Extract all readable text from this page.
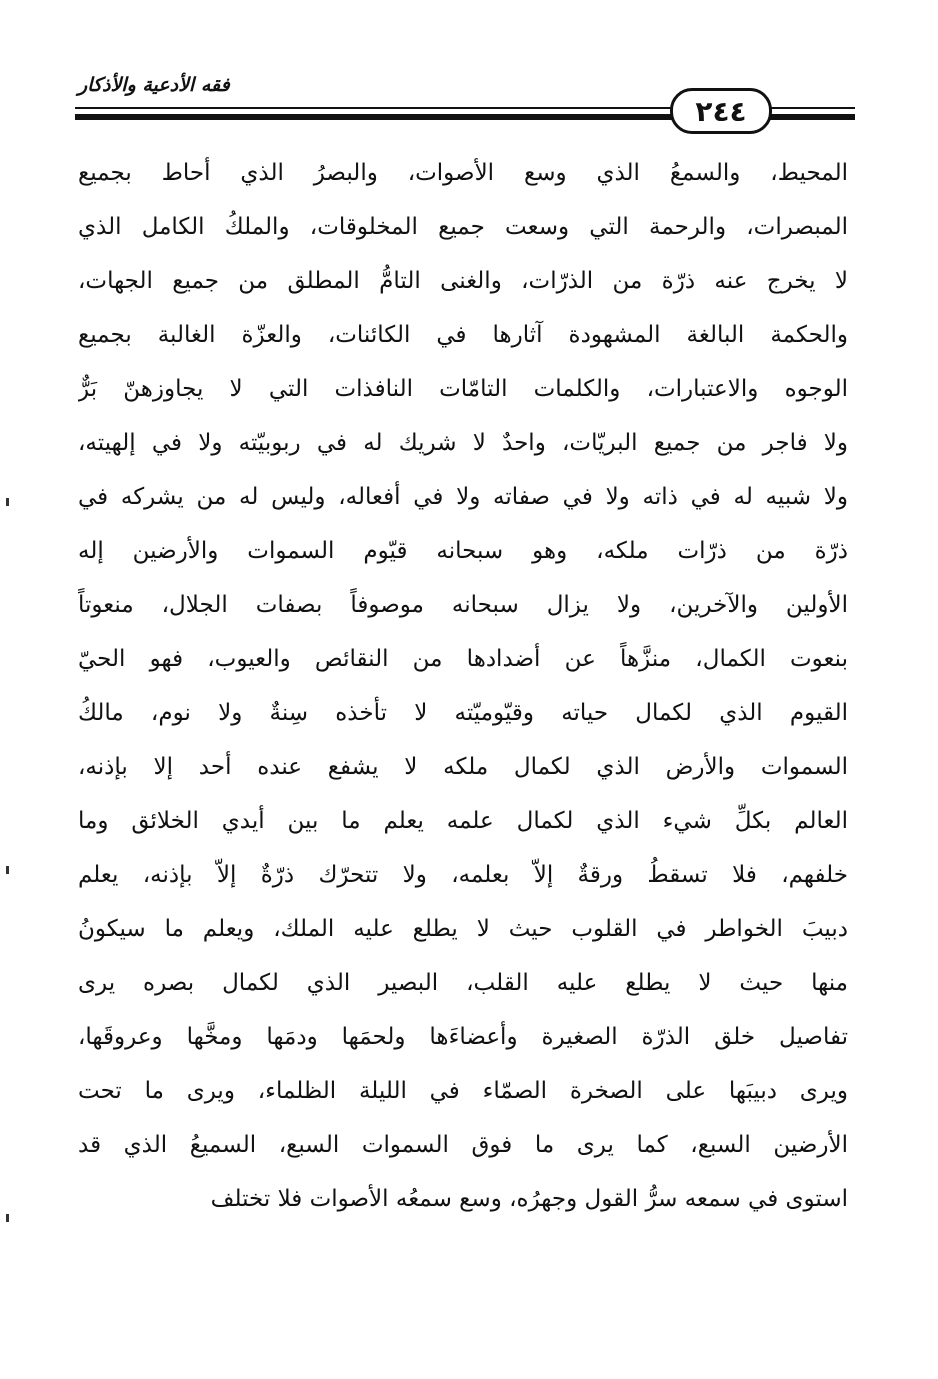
فقه الأدعية والأذكار
٢٤٤
المحيط، والسمعُ الذي وسع الأصوات، والبصرُ الذي أحاط بجميع
المبصرات، والرحمة التي وسعت جميع المخلوقات، والملكُ الكامل الذي
لا يخرج عنه ذرّة من الذرّات، والغنى التامُّ المطلق من جميع الجهات،
والحكمة البالغة المشهودة آثارها في الكائنات، والعزّة الغالبة بجميع
الوجوه والاعتبارات، والكلمات التامّات النافذات التي لا يجاوزهنّ بَرٌّ
ولا فاجر من جميع البريّات، واحدٌ لا شريك له في ربوبيّته ولا في إلهيته،
ولا شبيه له في ذاته ولا في صفاته ولا في أفعاله، وليس له من يشركه في
ذرّة من ذرّات ملكه، وهو سبحانه قيّوم السموات والأرضين إله
الأولين والآخرين، ولا يزال سبحانه موصوفاً بصفات الجلال، منعوتاً
بنعوت الكمال، منزَّهاً عن أضدادها من النقائص والعيوب، فهو الحيّ
القيوم الذي لكمال حياته وقيّوميّته لا تأخذه سِنةٌ ولا نوم، مالكُ
السموات والأرض الذي لكمال ملكه لا يشفع عنده أحد إلا بإذنه،
العالم بكلِّ شيء الذي لكمال علمه يعلم ما بين أيدي الخلائق وما
خلفهم، فلا تسقطُ ورقةٌ إلاّ بعلمه، ولا تتحرّك ذرّةٌ إلاّ بإذنه، يعلم
دبيبَ الخواطر في القلوب حيث لا يطلع عليه الملك، ويعلم ما سيكونُ
منها حيث لا يطلع عليه القلب، البصير الذي لكمال بصره يرى
تفاصيل خلق الذرّة الصغيرة وأعضاءَها ولحمَها ودمَها ومخَّها وعروقَها،
ويرى دبيبَها على الصخرة الصمّاء في الليلة الظلماء، ويرى ما تحت
الأرضين السبع، كما يرى ما فوق السموات السبع، السميعُ الذي قد
استوى في سمعه سرُّ القول وجهرُه، وسع سمعُه الأصوات فلا تختلف
